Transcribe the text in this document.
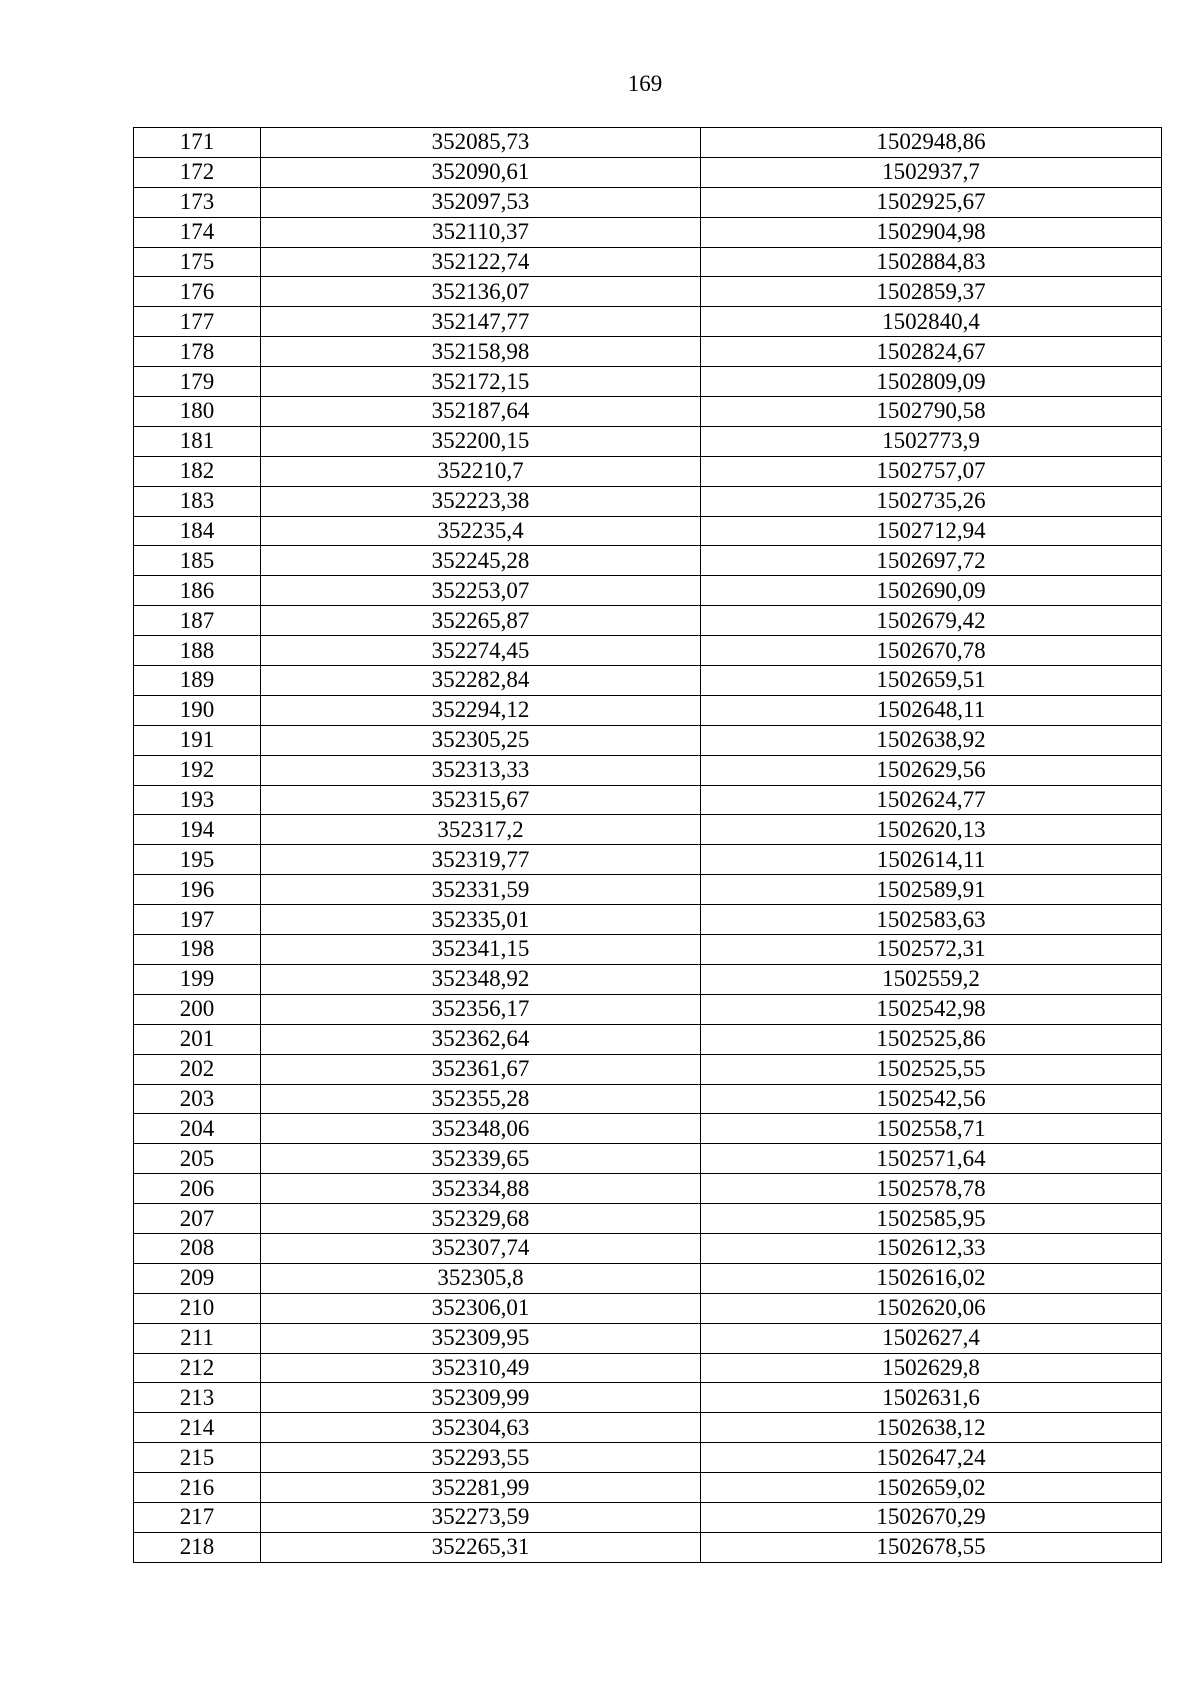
169
171	352085,73	1502948,86
172	352090,61	1502937,7
173	352097,53	1502925,67
174	352110,37	1502904,98
175	352122,74	1502884,83
176	352136,07	1502859,37
177	352147,77	1502840,4
178	352158,98	1502824,67
179	352172,15	1502809,09
180	352187,64	1502790,58
181	352200,15	1502773,9
182	352210,7	1502757,07
183	352223,38	1502735,26
184	352235,4	1502712,94
185	352245,28	1502697,72
186	352253,07	1502690,09
187	352265,87	1502679,42
188	352274,45	1502670,78
189	352282,84	1502659,51
190	352294,12	1502648,11
191	352305,25	1502638,92
192	352313,33	1502629,56
193	352315,67	1502624,77
194	352317,2	1502620,13
195	352319,77	1502614,11
196	352331,59	1502589,91
197	352335,01	1502583,63
198	352341,15	1502572,31
199	352348,92	1502559,2
200	352356,17	1502542,98
201	352362,64	1502525,86
202	352361,67	1502525,55
203	352355,28	1502542,56
204	352348,06	1502558,71
205	352339,65	1502571,64
206	352334,88	1502578,78
207	352329,68	1502585,95
208	352307,74	1502612,33
209	352305,8	1502616,02
210	352306,01	1502620,06
211	352309,95	1502627,4
212	352310,49	1502629,8
213	352309,99	1502631,6
214	352304,63	1502638,12
215	352293,55	1502647,24
216	352281,99	1502659,02
217	352273,59	1502670,29
218	352265,31	1502678,55
